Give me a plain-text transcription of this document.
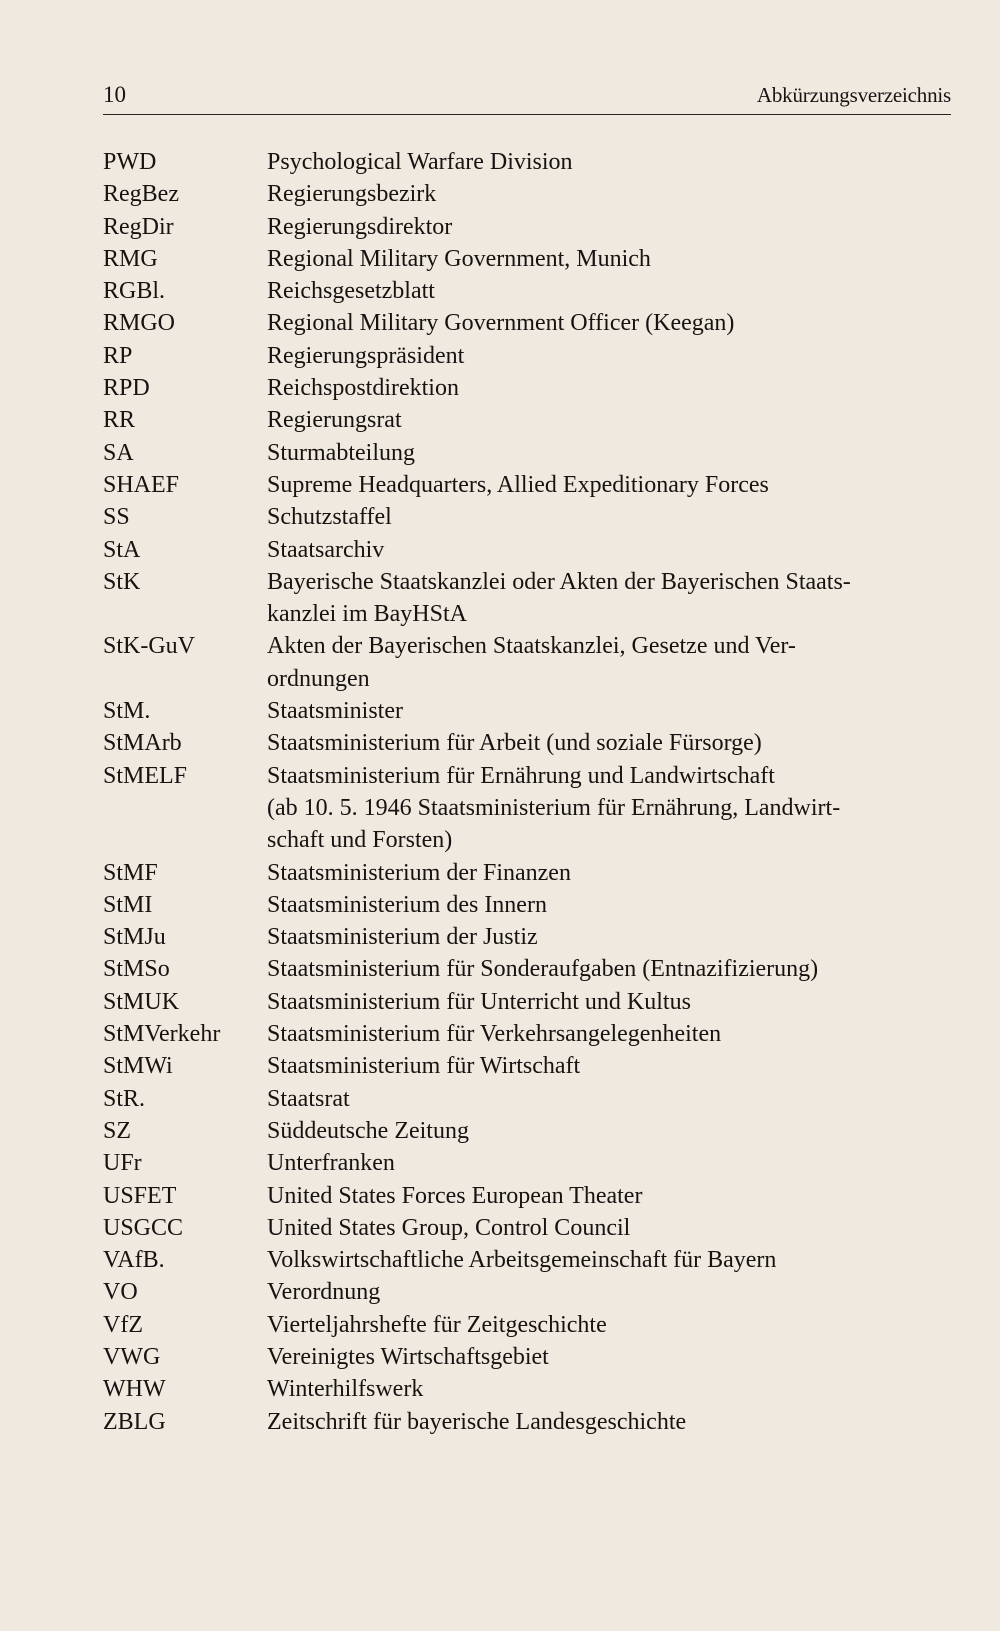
10	Abkürzungsverzeichnis
PWD	Psychological Warfare Division
RegBez	Regierungsbezirk
RegDir	Regierungsdirektor
RMG	Regional Military Government, Munich
RGBl.	Reichsgesetzblatt
RMGO	Regional Military Government Officer (Keegan)
RP	Regierungspräsident
RPD	Reichspostdirektion
RR	Regierungsrat
SA	Sturmabteilung
SHAEF	Supreme Headquarters, Allied Expeditionary Forces
SS	Schutzstaffel
StA	Staatsarchiv
StK	Bayerische Staatskanzlei oder Akten der Bayerischen Staats-
kanzlei im BayHStA
StK-GuV	Akten der Bayerischen Staatskanzlei, Gesetze und Ver-
ordnungen
StM.	Staatsminister
StMArb	Staatsministerium für Arbeit (und soziale Fürsorge)
StMELF	Staatsministerium für Ernährung und Landwirtschaft
(ab 10. 5. 1946 Staatsministerium für Ernährung, Landwirt-
schaft und Forsten)
StMF	Staatsministerium der Finanzen
StMI	Staatsministerium des Innern
StMJu	Staatsministerium der Justiz
StMSo	Staatsministerium für Sonderaufgaben (Entnazifizierung)
StMUK	Staatsministerium für Unterricht und Kultus
StMVerkehr	Staatsministerium für Verkehrsangelegenheiten
StMWi	Staatsministerium für Wirtschaft
StR.	Staatsrat
SZ	Süddeutsche Zeitung
UFr	Unterfranken
USFET	United States Forces European Theater
USGCC	United States Group, Control Council
VAfB.	Volkswirtschaftliche Arbeitsgemeinschaft für Bayern
VO	Verordnung
VfZ	Vierteljahrshefte für Zeitgeschichte
VWG	Vereinigtes Wirtschaftsgebiet
WHW	Winterhilfswerk
ZBLG	Zeitschrift für bayerische Landesgeschichte
